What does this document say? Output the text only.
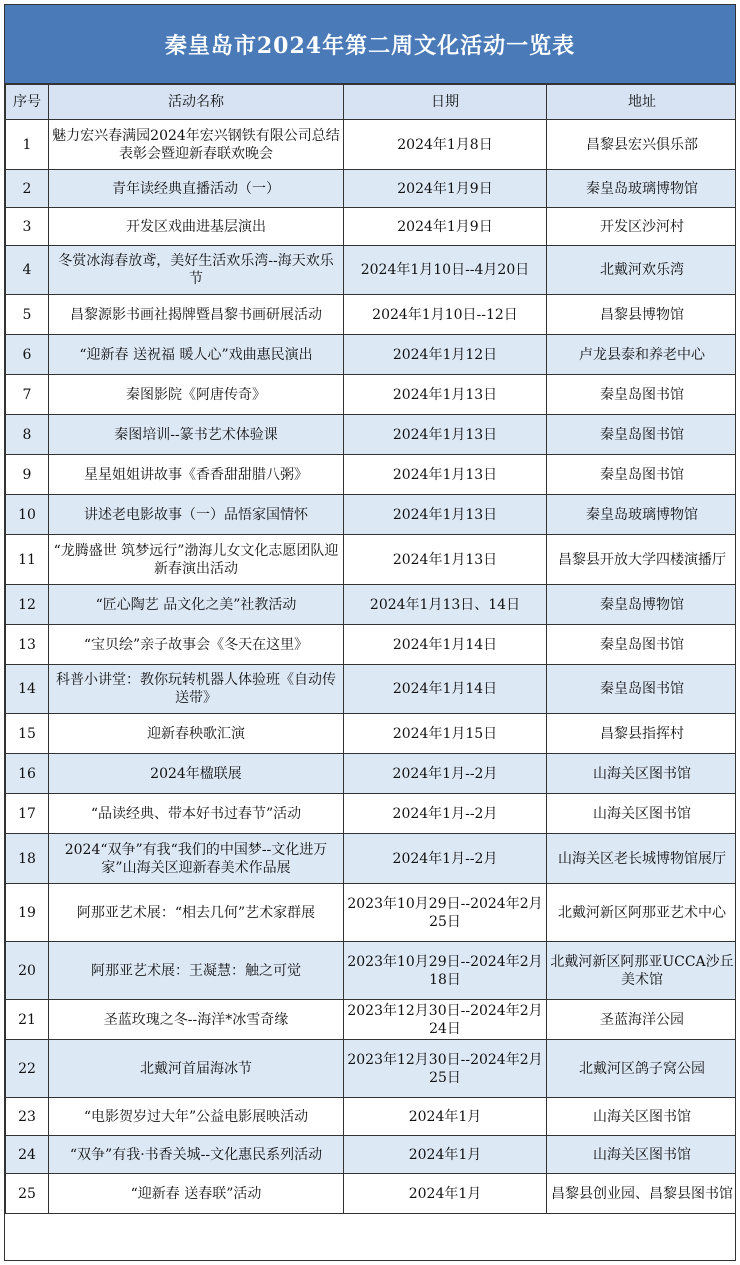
秦皇岛市2024年第二周文化活动一览表
序号	活动名称	日期	地址
1	魅力宏兴春满园2024年宏兴钢铁有限公司总结表彰会暨迎新春联欢晚会	2024年1月8日	昌黎县宏兴俱乐部
2	青年读经典直播活动（一）	2024年1月9日	秦皇岛玻璃博物馆
3	开发区戏曲进基层演出	2024年1月9日	开发区沙河村
4	冬赏冰海春放鸢，美好生活欢乐湾--海天欢乐节	2024年1月10日--4月20日	北戴河欢乐湾
5	昌黎源影书画社揭牌暨昌黎书画研展活动	2024年1月10日--12日	昌黎县博物馆
6	“迎新春 送祝福 暖人心”戏曲惠民演出	2024年1月12日	卢龙县泰和养老中心
7	秦图影院《阿唐传奇》	2024年1月13日	秦皇岛图书馆
8	秦图培训--篆书艺术体验课	2024年1月13日	秦皇岛图书馆
9	星星姐姐讲故事《香香甜甜腊八粥》	2024年1月13日	秦皇岛图书馆
10	讲述老电影故事（一）品悟家国情怀	2024年1月13日	秦皇岛玻璃博物馆
11	“龙腾盛世 筑梦远行”渤海儿女文化志愿团队迎新春演出活动	2024年1月13日	昌黎县开放大学四楼演播厅
12	“匠心陶艺 品文化之美”社教活动	2024年1月13日、14日	秦皇岛博物馆
13	“宝贝绘”亲子故事会《冬天在这里》	2024年1月14日	秦皇岛图书馆
14	科普小讲堂：教你玩转机器人体验班《自动传送带》	2024年1月14日	秦皇岛图书馆
15	迎新春秧歌汇演	2024年1月15日	昌黎县指挥村
16	2024年楹联展	2024年1月--2月	山海关区图书馆
17	“品读经典、带本好书过春节”活动	2024年1月--2月	山海关区图书馆
18	2024“双争”有我“我们的中国梦--文化进万家”山海关区迎新春美术作品展	2024年1月--2月	山海关区老长城博物馆展厅
19	阿那亚艺术展：“相去几何”艺术家群展	2023年10月29日--2024年2月25日	北戴河新区阿那亚艺术中心
20	阿那亚艺术展：王凝慧：触之可觉	2023年10月29日--2024年2月18日	北戴河新区阿那亚UCCA沙丘美术馆
21	圣蓝玫瑰之冬--海洋*冰雪奇缘	2023年12月30日--2024年2月24日	圣蓝海洋公园
22	北戴河首届海冰节	2023年12月30日--2024年2月25日	北戴河区鸽子窝公园
23	“电影贺岁过大年”公益电影展映活动	2024年1月	山海关区图书馆
24	“双争”有我·书香关城--文化惠民系列活动	2024年1月	山海关区图书馆
25	“迎新春 送春联”活动	2024年1月	昌黎县创业园、昌黎县图书馆
